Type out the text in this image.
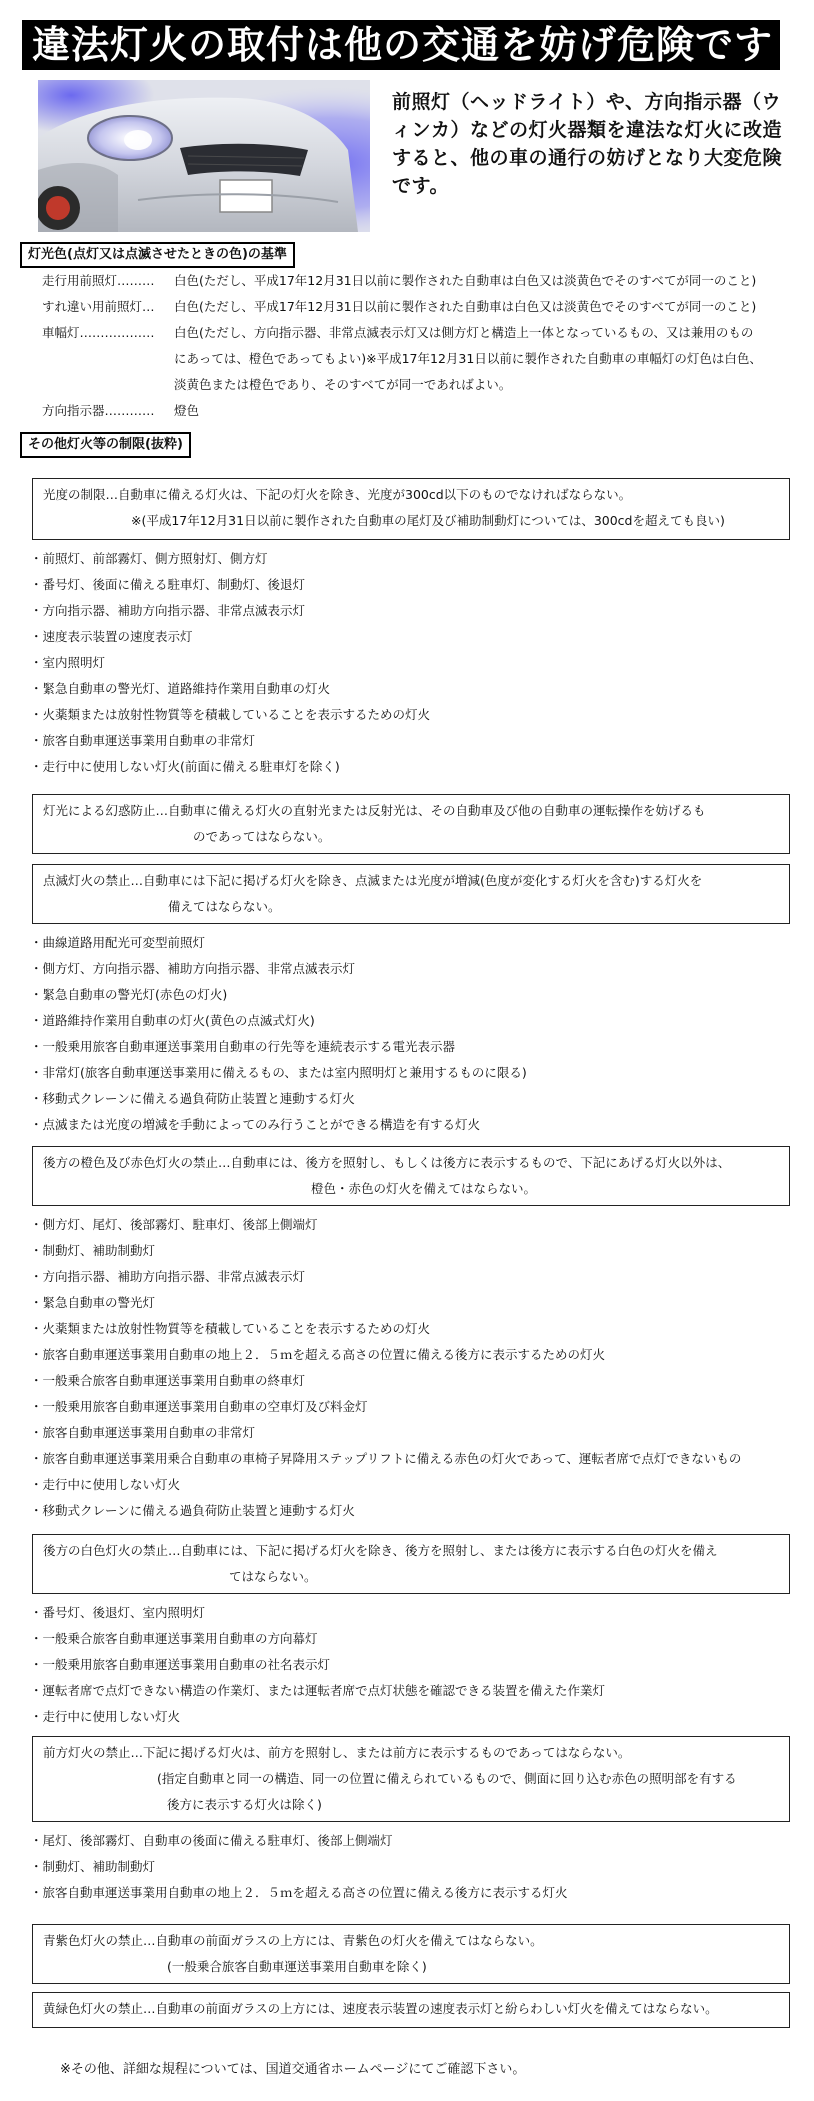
違法灯火の取付は他の交通を妨げ危険です
前照灯（ヘッドライト）や、方向指示器（ウィンカ）などの灯火器類を違法な灯火に改造すると、他の車の通行の妨げとなり大変危険です。
灯光色(点灯又は点滅させたときの色)の基準
走行用前照灯……… 白色(ただし、平成17年12月31日以前に製作された自動車は白色又は淡黄色でそのすべてが同一のこと)
すれ違い用前照灯… 白色(ただし、平成17年12月31日以前に製作された自動車は白色又は淡黄色でそのすべてが同一のこと)
車幅灯……………… 白色(ただし、方向指示器、非常点滅表示灯又は側方灯と構造上一体となっているもの、又は兼用のもの
にあっては、橙色であってもよい)※平成17年12月31日以前に製作された自動車の車幅灯の灯色は白色、
淡黄色または橙色であり、そのすべてが同一であればよい。
方向指示器………… 燈色
その他灯火等の制限(抜粋)
光度の制限…自動車に備える灯火は、下記の灯火を除き、光度が300cd以下のものでなければならない。
※(平成17年12月31日以前に製作された自動車の尾灯及び補助制動灯については、300cdを超えても良い)
・前照灯、前部霧灯、側方照射灯、側方灯
・番号灯、後面に備える駐車灯、制動灯、後退灯
・方向指示器、補助方向指示器、非常点滅表示灯
・速度表示装置の速度表示灯
・室内照明灯
・緊急自動車の警光灯、道路維持作業用自動車の灯火
・火薬類または放射性物質等を積載していることを表示するための灯火
・旅客自動車運送事業用自動車の非常灯
・走行中に使用しない灯火(前面に備える駐車灯を除く)
灯光による幻惑防止…自動車に備える灯火の直射光または反射光は、その自動車及び他の自動車の運転操作を妨げるも
のであってはならない。
点滅灯火の禁止…自動車には下記に掲げる灯火を除き、点滅または光度が増減(色度が変化する灯火を含む)する灯火を
備えてはならない。
・曲線道路用配光可変型前照灯
・側方灯、方向指示器、補助方向指示器、非常点滅表示灯
・緊急自動車の警光灯(赤色の灯火)
・道路維持作業用自動車の灯火(黄色の点滅式灯火)
・一般乗用旅客自動車運送事業用自動車の行先等を連続表示する電光表示器
・非常灯(旅客自動車運送事業用に備えるもの、または室内照明灯と兼用するものに限る)
・移動式クレーンに備える過負荷防止装置と連動する灯火
・点滅または光度の増減を手動によってのみ行うことができる構造を有する灯火
後方の橙色及び赤色灯火の禁止…自動車には、後方を照射し、もしくは後方に表示するもので、下記にあげる灯火以外は、
橙色・赤色の灯火を備えてはならない。
・側方灯、尾灯、後部霧灯、駐車灯、後部上側端灯
・制動灯、補助制動灯
・方向指示器、補助方向指示器、非常点滅表示灯
・緊急自動車の警光灯
・火薬類または放射性物質等を積載していることを表示するための灯火
・旅客自動車運送事業用自動車の地上２．５ｍを超える高さの位置に備える後方に表示するための灯火
・一般乗合旅客自動車運送事業用自動車の終車灯
・一般乗用旅客自動車運送事業用自動車の空車灯及び料金灯
・旅客自動車運送事業用自動車の非常灯
・旅客自動車運送事業用乗合自動車の車椅子昇降用ステップリフトに備える赤色の灯火であって、運転者席で点灯できないもの
・走行中に使用しない灯火
・移動式クレーンに備える過負荷防止装置と連動する灯火
後方の白色灯火の禁止…自動車には、下記に掲げる灯火を除き、後方を照射し、または後方に表示する白色の灯火を備え
てはならない。
・番号灯、後退灯、室内照明灯
・一般乗合旅客自動車運送事業用自動車の方向幕灯
・一般乗用旅客自動車運送事業用自動車の社名表示灯
・運転者席で点灯できない構造の作業灯、または運転者席で点灯状態を確認できる装置を備えた作業灯
・走行中に使用しない灯火
前方灯火の禁止…下記に掲げる灯火は、前方を照射し、または前方に表示するものであってはならない。
(指定自動車と同一の構造、同一の位置に備えられているもので、側面に回り込む赤色の照明部を有する
後方に表示する灯火は除く)
・尾灯、後部霧灯、自動車の後面に備える駐車灯、後部上側端灯
・制動灯、補助制動灯
・旅客自動車運送事業用自動車の地上２．５ｍを超える高さの位置に備える後方に表示する灯火
青紫色灯火の禁止…自動車の前面ガラスの上方には、青紫色の灯火を備えてはならない。
(一般乗合旅客自動車運送事業用自動車を除く)
黄緑色灯火の禁止…自動車の前面ガラスの上方には、速度表示装置の速度表示灯と紛らわしい灯火を備えてはならない。
※その他、詳細な規程については、国道交通省ホームページにてご確認下さい。
